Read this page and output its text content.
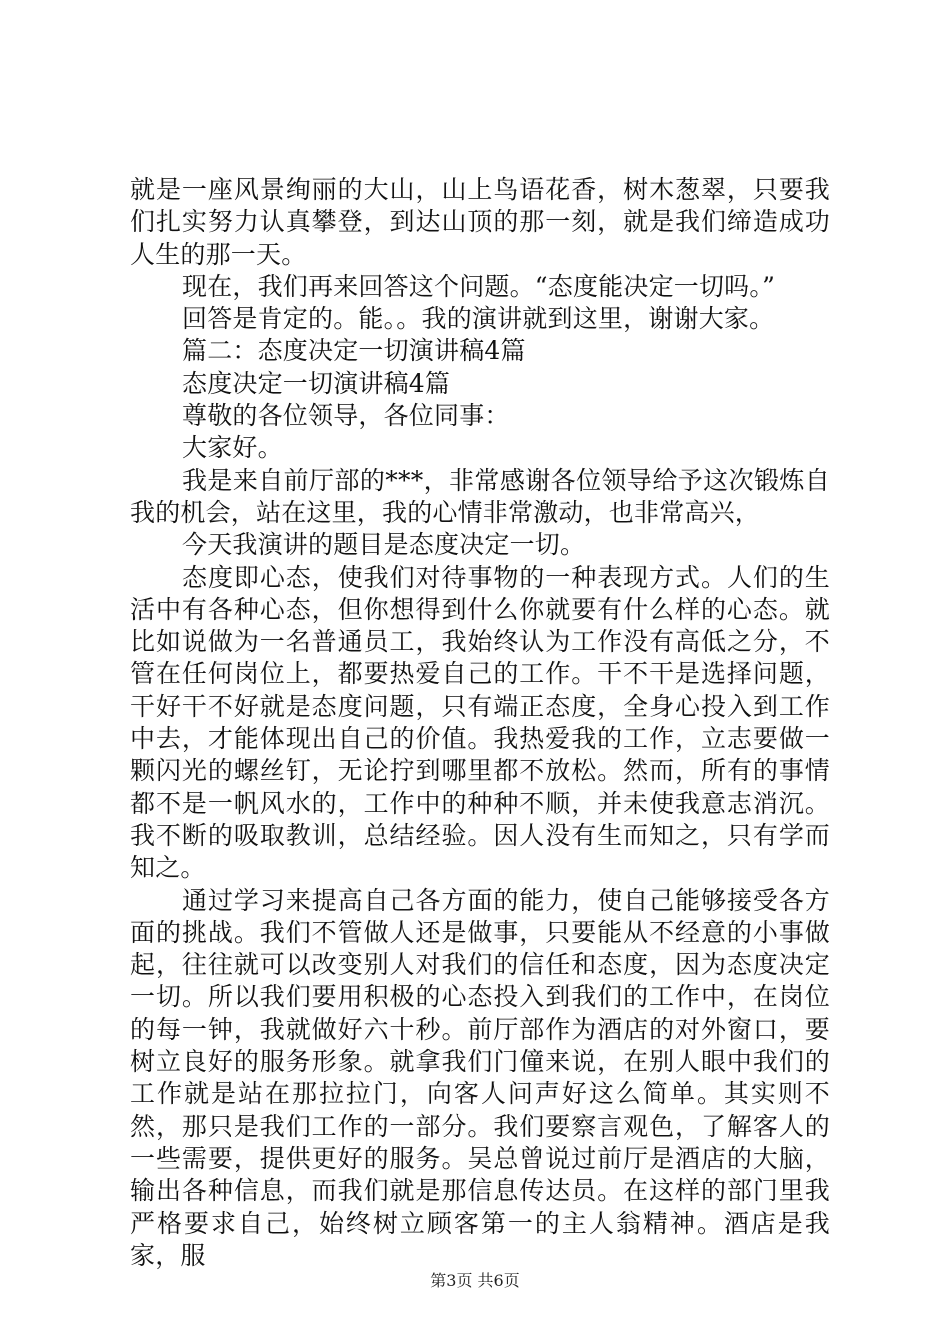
就是一座风景绚丽的大山，山上鸟语花香，树木葱翠，只要我们扎实努力认真攀登，到达山顶的那一刻，就是我们缔造成功人生的那一天。

现在，我们再来回答这个问题。“态度能决定一切吗。”

回答是肯定的。能。。我的演讲就到这里，谢谢大家。

篇二：态度决定一切演讲稿4篇

态度决定一切演讲稿4篇

尊敬的各位领导，各位同事：

大家好。

我是来自前厅部的***，非常感谢各位领导给予这次锻炼自我的机会，站在这里，我的心情非常激动，也非常高兴，

今天我演讲的题目是态度决定一切。

态度即心态，使我们对待事物的一种表现方式。人们的生活中有各种心态，但你想得到什么你就要有什么样的心态。就比如说做为一名普通员工，我始终认为工作没有高低之分，不管在任何岗位上，都要热爱自己的工作。干不干是选择问题，干好干不好就是态度问题，只有端正态度，全身心投入到工作中去，才能体现出自己的价值。我热爱我的工作，立志要做一颗闪光的螺丝钉，无论拧到哪里都不放松。然而，所有的事情都不是一帆风水的，工作中的种种不顺，并未使我意志消沉。我不断的吸取教训，总结经验。因人没有生而知之，只有学而知之。

通过学习来提高自己各方面的能力，使自己能够接受各方面的挑战。我们不管做人还是做事，只要能从不经意的小事做起，往往就可以改变别人对我们的信任和态度，因为态度决定一切。所以我们要用积极的心态投入到我们的工作中，在岗位的每一钟，我就做好六十秒。前厅部作为酒店的对外窗口，要树立良好的服务形象。就拿我们门僮来说，在别人眼中我们的工作就是站在那拉拉门，向客人问声好这么简单。其实则不然，那只是我们工作的一部分。我们要察言观色，了解客人的一些需要，提供更好的服务。吴总曾说过前厅是酒店的大脑，输出各种信息，而我们就是那信息传达员。在这样的部门里我严格要求自己，始终树立顾客第一的主人翁精神。酒店是我家，服

第3页 共6页
